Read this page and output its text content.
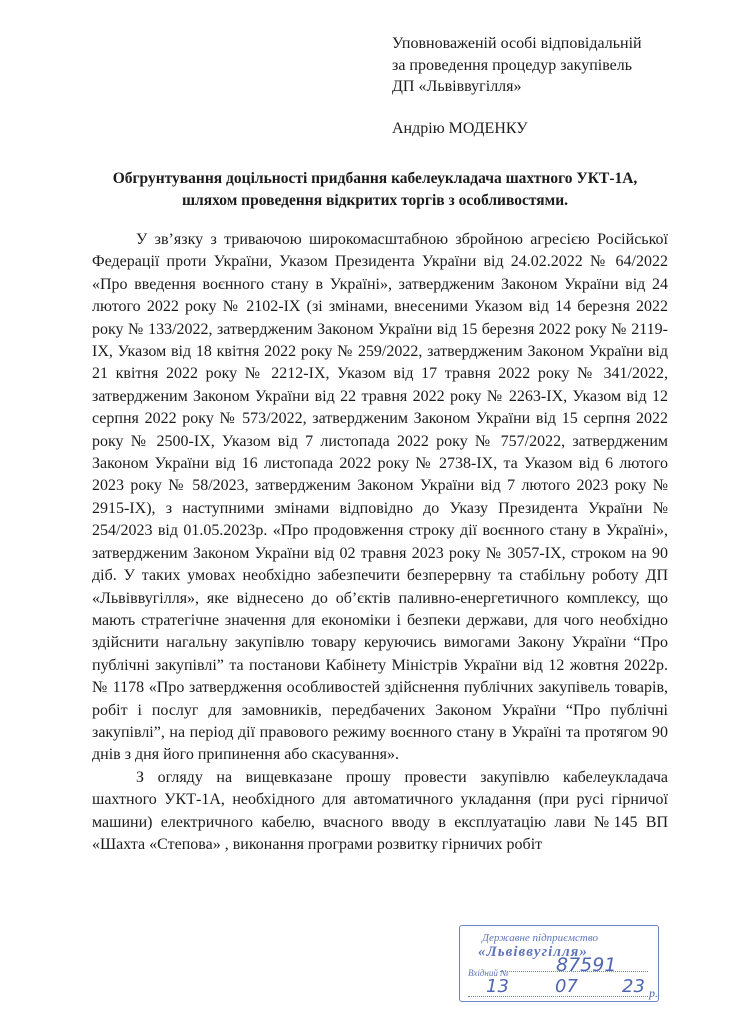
Уповноваженій особі відповідальній
за проведення процедур закупівель
ДП «Львіввугілля»
Андрію МОДЕНКУ
Обгрунтування доцільності придбання кабелеукладача шахтного УКТ-1А,
шляхом проведення відкритих торгів з особливостями.

У зв’язку з триваючою широкомасштабною збройною агресією Російської Федерації проти України, Указом Президента України від 24.02.2022 № 64/2022 «Про введення воєнного стану в Україні», затвердженим Законом України від 24 лютого 2022 року № 2102-IX (зі змінами, внесеними Указом від 14 березня 2022 року № 133/2022, затвердженим Законом України від 15 березня 2022 року № 2119-IX, Указом від 18 квітня 2022 року № 259/2022, затвердженим Законом України від 21 квітня 2022 року № 2212-IX, Указом від 17 травня 2022 року № 341/2022, затвердженим Законом України від 22 травня 2022 року № 2263-IX, Указом від 12 серпня 2022 року № 573/2022, затвердженим Законом України від 15 серпня 2022 року № 2500-IX, Указом від 7 листопада 2022 року № 757/2022, затвердженим Законом України від 16 листопада 2022 року № 2738-IX, та Указом від 6 лютого 2023 року № 58/2023, затвердженим Законом України від 7 лютого 2023 року № 2915-IX), з наступними змінами відповідно до Указу Президента України № 254/2023 від 01.05.2023р. «Про продовження строку дії воєнного стану в Україні», затвердженим Законом України від 02 травня 2023 року № 3057-IX, строком на 90 діб. У таких умовах необхідно забезпечити безперервну та стабільну роботу ДП «Львіввугілля», яке віднесено до об’єктів паливно-енергетичного комплексу, що мають стратегічне значення для економіки і безпеки держави, для чого необхідно здійснити нагальну закупівлю товару керуючись вимогами Закону України “Про публічні закупівлі” та постанови Кабінету Міністрів України від 12 жовтня 2022р. № 1178 «Про затвердження особливостей здійснення публічних закупівель товарів, робіт і послуг для замовників, передбачених Законом України “Про публічні закупівлі”, на період дії правового режиму воєнного стану в Україні та протягом 90 днів з дня його припинення або скасування».

З огляду на вищевказане прошу провести закупівлю кабелеукладача шахтного УКТ-1А, необхідного для автоматичного укладання (при русі гірничої машини) електричного кабелю, вчасного вводу в експлуатацію лави №145 ВП «Шахта «Степова» , виконання програми розвитку гірничих робіт

Державне підприємство
«Львіввугілля»
Вхідний № 87591
13	07 23 р.
